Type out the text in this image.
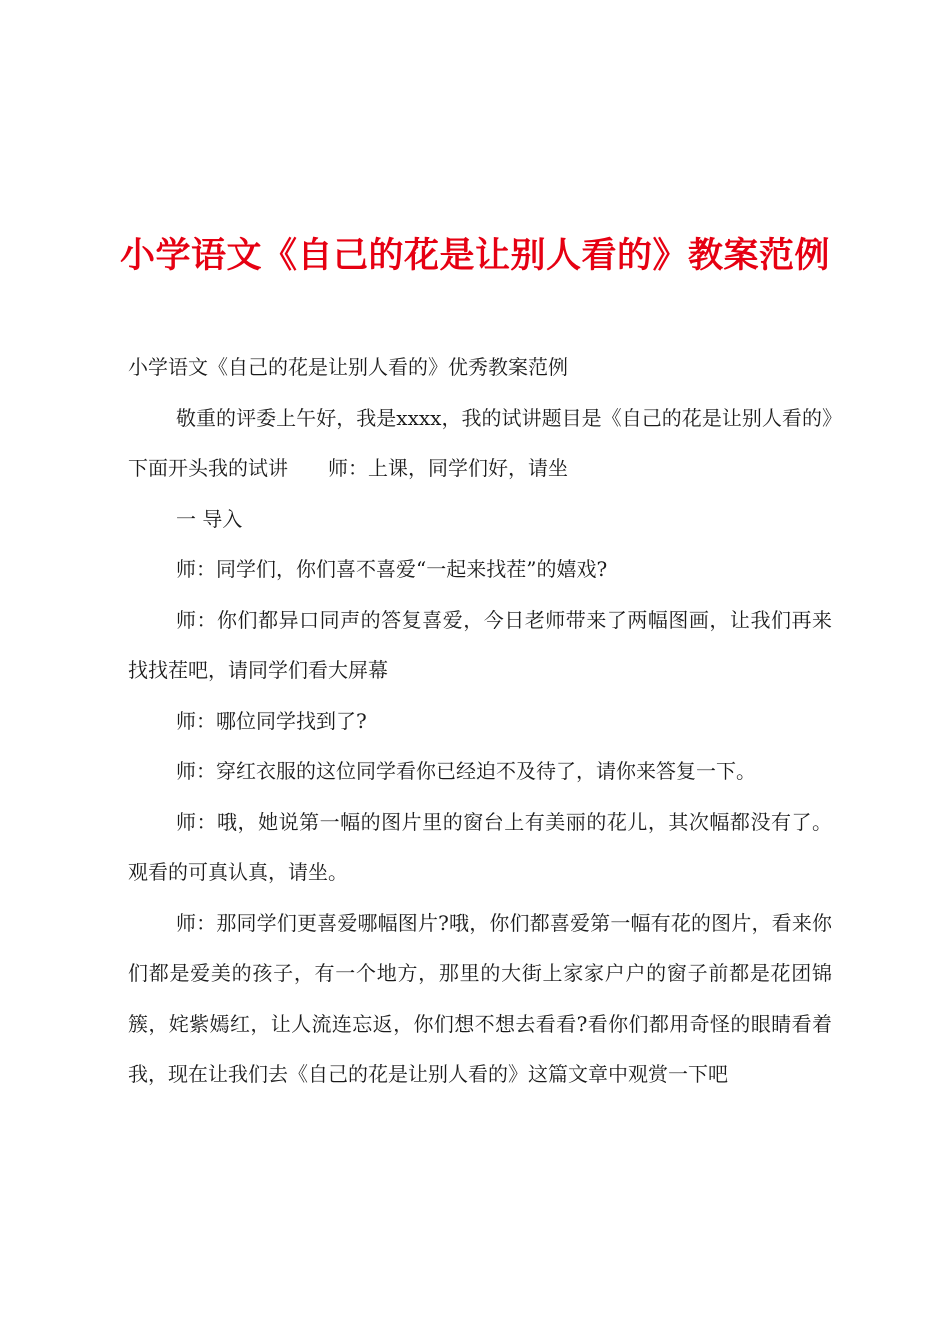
小学语文《自己的花是让别人看的》教案范例

小学语文《自己的花是让别人看的》优秀教案范例

敬重的评委上午好，我是xxxx，我的试讲题目是《自己的花是让别人看的》下面开头我的试讲 师：上课，同学们好，请坐

一 导入

师：同学们，你们喜不喜爱“一起来找茬”的嬉戏?

师：你们都异口同声的答复喜爱，今日老师带来了两幅图画，让我们再来找找茬吧，请同学们看大屏幕

师：哪位同学找到了?

师：穿红衣服的这位同学看你已经迫不及待了，请你来答复一下。

师：哦，她说第一幅的图片里的窗台上有美丽的花儿，其次幅都没有了。观看的可真认真，请坐。

师：那同学们更喜爱哪幅图片?哦，你们都喜爱第一幅有花的图片，看来你们都是爱美的孩子，有一个地方，那里的大街上家家户户的窗子前都是花团锦簇，姹紫嫣红，让人流连忘返，你们想不想去看看?看你们都用奇怪的眼睛看着我，现在让我们去《自己的花是让别人看的》这篇文章中观赏一下吧
